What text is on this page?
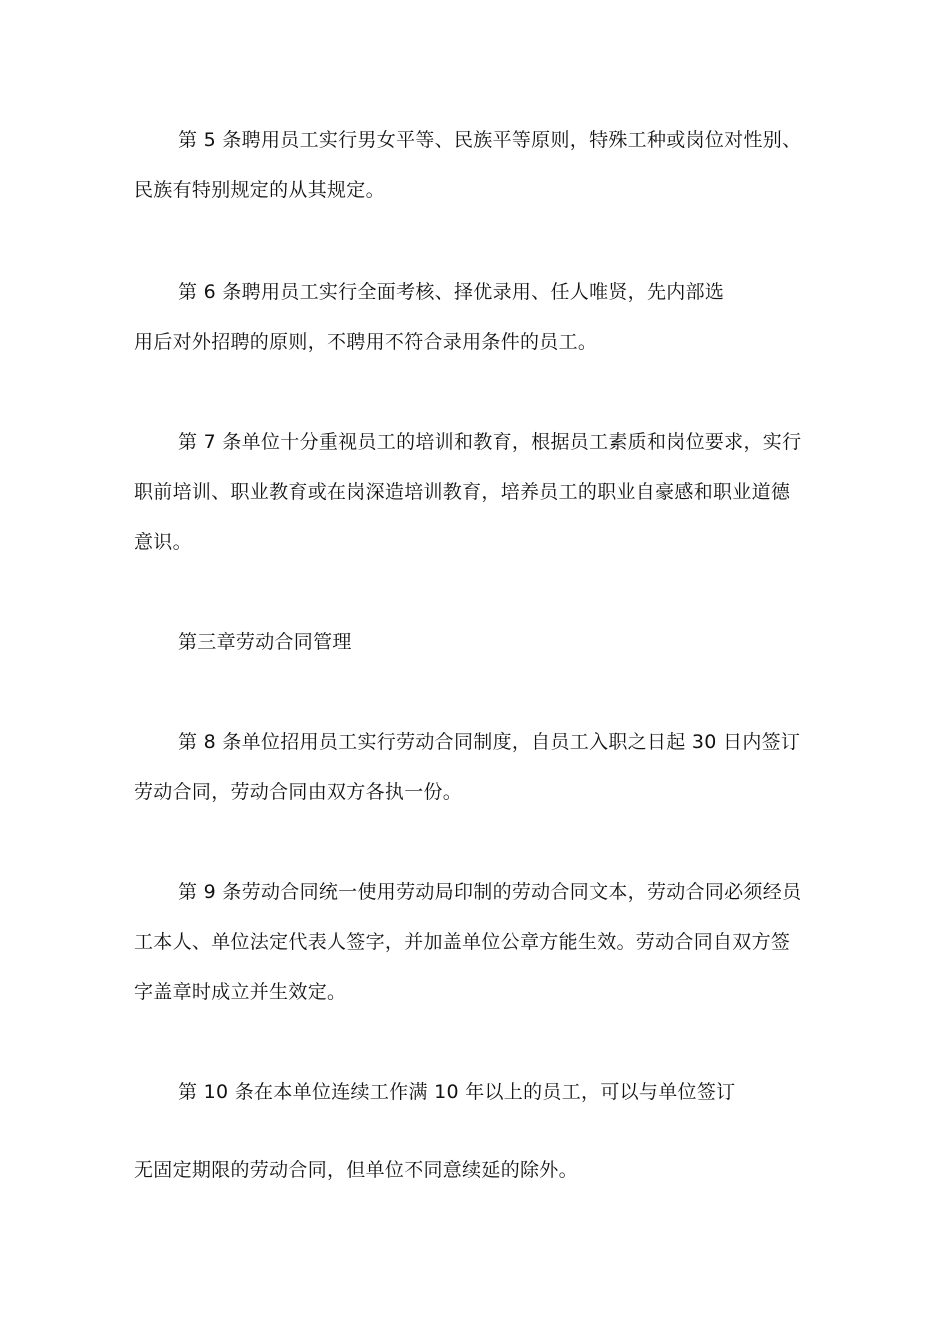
第 5 条聘用员工实行男女平等、民族平等原则，特殊工种或岗位对性别、
民族有特别规定的从其规定。
第 6 条聘用员工实行全面考核、择优录用、任人唯贤，先内部选
用后对外招聘的原则，不聘用不符合录用条件的员工。
第 7 条单位十分重视员工的培训和教育，根据员工素质和岗位要求，实行
职前培训、职业教育或在岗深造培训教育，培养员工的职业自豪感和职业道德
意识。
第三章劳动合同管理
第 8 条单位招用员工实行劳动合同制度，自员工入职之日起 30 日内签订
劳动合同，劳动合同由双方各执一份。
第 9 条劳动合同统一使用劳动局印制的劳动合同文本，劳动合同必须经员
工本人、单位法定代表人签字，并加盖单位公章方能生效。劳动合同自双方签
字盖章时成立并生效定。
第 10 条在本单位连续工作满 10 年以上的员工，可以与单位签订
无固定期限的劳动合同，但单位不同意续延的除外。
